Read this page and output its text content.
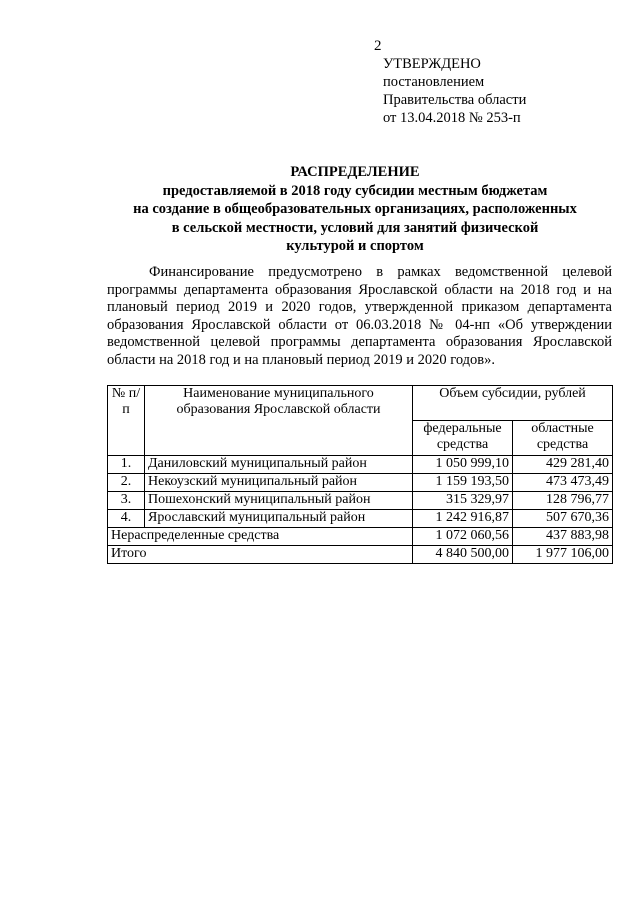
2
УТВЕРЖДЕНО
постановлением
Правительства области
от 13.04.2018 № 253-п
РАСПРЕДЕЛЕНИЕ
предоставляемой в 2018 году субсидии местным бюджетам
на создание в общеобразовательных организациях, расположенных
в сельской местности, условий для занятий физической
культурой и спортом
Финансирование предусмотрено в рамках ведомственной целевой программы департамента образования Ярославской области на 2018 год и на плановый период 2019 и 2020 годов, утвержденной приказом департамента образования Ярославской области от 06.03.2018 № 04-нп «Об утверждении ведомственной целевой программы департамента образования Ярославской области на 2018 год и на плановый период 2019 и 2020 годов».
№ п/п	Наименование муниципального образования Ярославской области	Объем субсидии, рублей	
		федеральные средства	областные средства
1.	Даниловский муниципальный район	1 050 999,10	429 281,40
2.	Некоузский муниципальный район	1 159 193,50	473 473,49
3.	Пошехонский муниципальный район	315 329,97	128 796,77
4.	Ярославский муниципальный район	1 242 916,87	507 670,36
Нераспределенные средства		1 072 060,56	437 883,98
Итого		4 840 500,00	1 977 106,00
